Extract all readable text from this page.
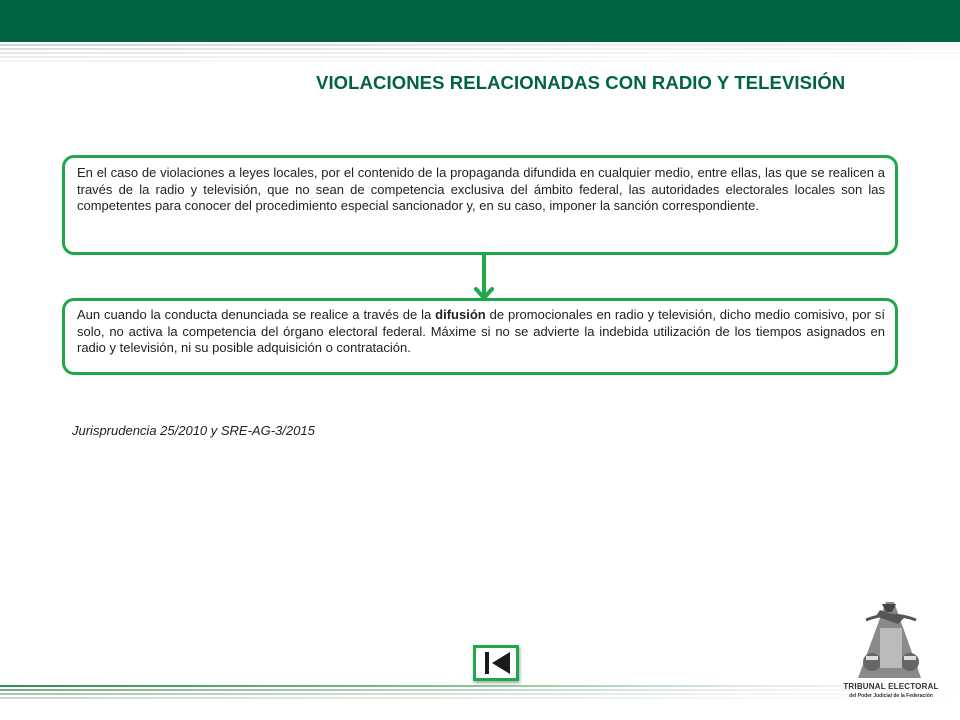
VIOLACIONES RELACIONADAS CON RADIO Y TELEVISIÓN
En el caso de violaciones a leyes locales, por el contenido de la propaganda difundida en cualquier medio, entre ellas, las que se realicen a través de la radio y televisión, que no sean de competencia exclusiva del ámbito federal, las autoridades electorales locales son las competentes para conocer del procedimiento especial sancionador y, en su caso, imponer la sanción correspondiente.
Aun cuando la conducta denunciada se realice a través de la difusión de promocionales en radio y televisión, dicho medio comisivo, por sí solo, no activa la competencia del órgano electoral federal. Máxime si no se advierte la indebida utilización de los tiempos asignados en radio y televisión, ni su posible adquisición o contratación.
Jurisprudencia 25/2010 y SRE-AG-3/2015
TRIBUNAL ELECTORAL
del Poder Judicial de la Federación
